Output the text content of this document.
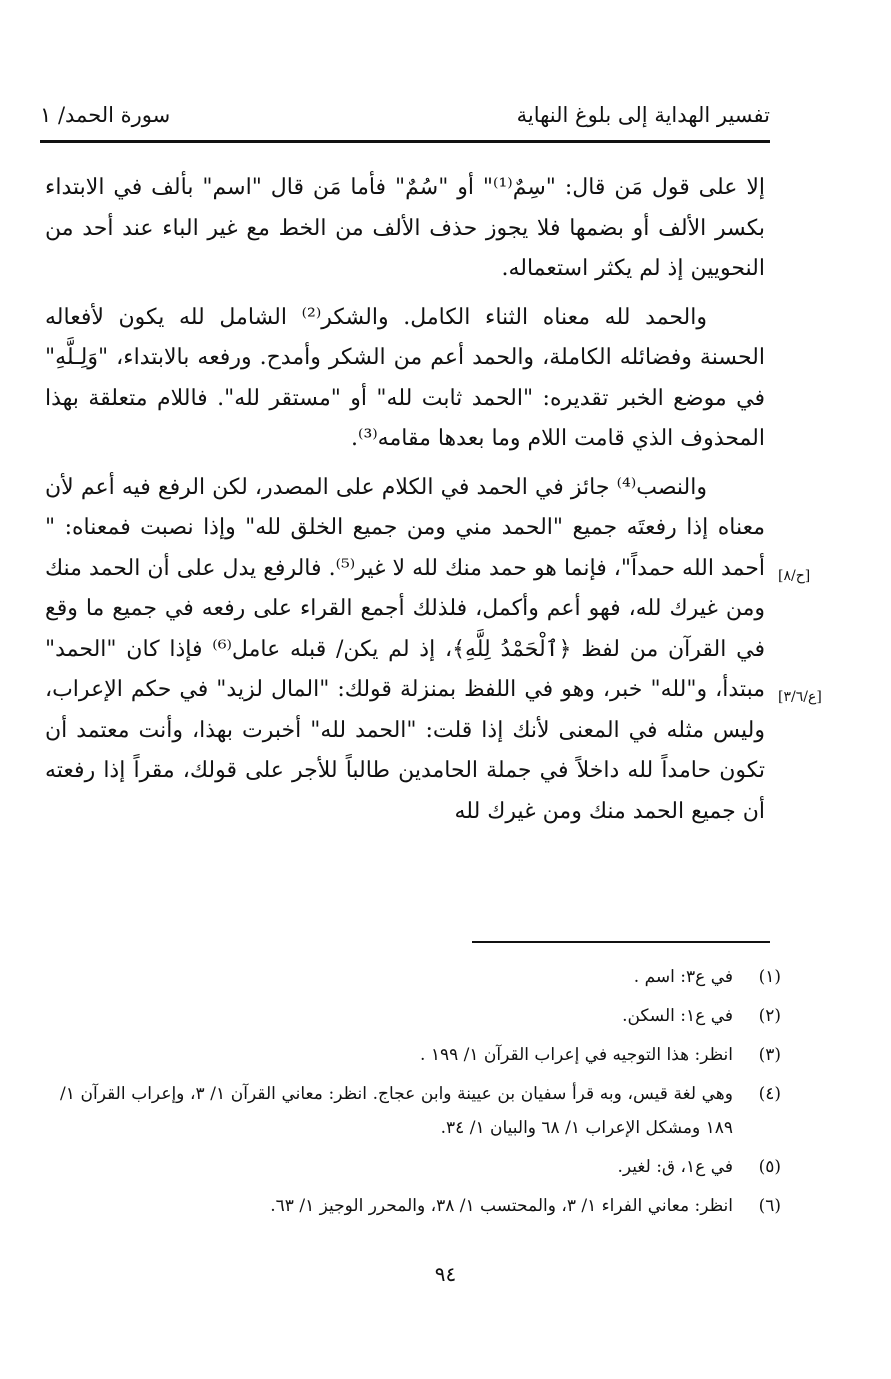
تفسير الهداية إلى بلوغ النهاية
سورة الحمد/ ١

إلا على قول مَن قال: "سِمٌ⁽¹⁾" أو "سُمٌ" فأما مَن قال "اسم" بألف في الابتداء بكسر الألف أو بضمها فلا يجوز حذف الألف من الخط مع غير الباء عند أحد من النحويين إذ لم يكثر استعماله.

والحمد لله معناه الثناء الكامل. والشكر⁽²⁾ الشامل لله يكون لأفعاله الحسنة وفضائله الكاملة، والحمد أعم من الشكر وأمدح. ورفعه بالابتداء، "وَلِـلَّهِ" في موضع الخبر تقديره: "الحمد ثابت لله" أو "مستقر لله". فاللام متعلقة بهذا المحذوف الذي قامت اللام وما بعدها مقامه⁽³⁾.

والنصب⁽⁴⁾ جائز في الحمد في الكلام على المصدر، لكن الرفع فيه أعم لأن معناه إذا رفعتَه جميع "الحمد مني ومن جميع الخلق لله" وإذا نصبت فمعناه: " أحمد الله حمداً"، فإنما هو حمد منك لله لا غير⁽⁵⁾. فالرفع يدل على أن الحمد منك ومن غيرك لله، فهو أعم وأكمل، فلذلك أجمع القراء على رفعه في جميع ما وقع في القرآن من لفظ ﴿ٱلْحَمْدُ لِلَّهِ﴾، إذ لم يكن/ قبله عامل⁽⁶⁾ فإذا كان "الحمد" مبتدأ، و"لله" خبر، وهو في اللفظ بمنزلة قولك: "المال لزيد" في حكم الإعراب، وليس مثله في المعنى لأنك إذا قلت: "الحمد لله" أخبرت بهذا، وأنت معتمد أن تكون حامداً لله داخلاً في جملة الحامدين طالباً للأجر على قولك، مقراً إذا رفعته أن جميع الحمد منك ومن غيرك لله

[ح/٨]
[ع/٣/٦]
(١)
في ع٣: اسم .
(٢)
في ع١: السكن.
(٣)
انظر: هذا التوجيه في إعراب القرآن ١/ ١٩٩ .
(٤)
وهي لغة قيس، وبه قرأ سفيان بن عيينة وابن عجاج. انظر: معاني القرآن ١/ ٣، وإعراب القرآن ١/ ١٨٩ ومشكل الإعراب ١/ ٦٨ والبيان ١/ ٣٤.
(٥)
في ع١، ق: لغير.
(٦)
انظر: معاني الفراء ١/ ٣، والمحتسب ١/ ٣٨، والمحرر الوجيز ١/ ٦٣.
٩٤
